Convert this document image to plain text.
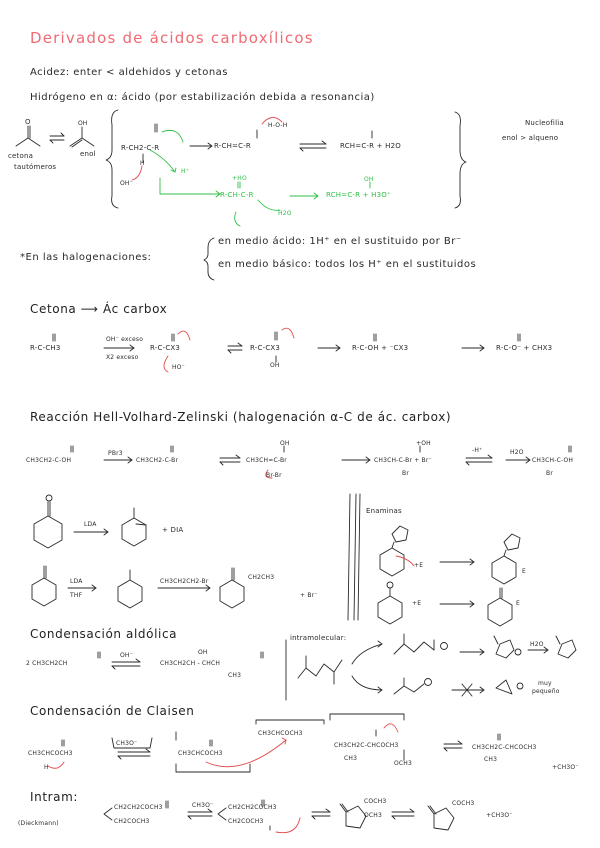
O	OH
Derivados de ácidos carboxílicos
Acidez: enter < aldehidos y cetonas
Hidrógeno en α: ácido (por estabilización debida a resonancia)
cetona
tautómeros
enol
Nucleofilia
enol > alqueno
R-CH2-C-R
H
OH⁻
H⁺
R-CH=C-R
H-O-H
RCH=C-R + H2O
R-CH-C-R
+HO
H2O
RCH=C-R + H3O⁺
OH
*En las halogenaciones:
en medio ácido: 1H⁺ en el sustituido por Br⁻
en medio básico: todos los H⁺ en el sustituidos
Cetona ⟶ Ác carbox
R-C-CH3
OH⁻ exceso
X2 exceso
R-C-CX3
HO⁻
R-C-CX3
OH
R-C-OH + ⁻CX3	R-C-O⁻ + CHX3
Reacción Hell-Volhard-Zelinski (halogenación α-C de ác. carbox)
CH3CH2-C-OH
PBr3
CH3CH2-C-Br	CH3CH=C-Br
OH
Br-Br
CH3CH-C-Br + Br⁻
+OH
Br
-H⁺	H2O
CH3CH-C-OH
Br
LDA
+ DIA
LDA
THF
CH3CH2CH2-Br
CH2CH3
+ Br⁻
Enaminas
+E
E
+E	E
Condensación aldólica
2 CH3CH2CH
OH⁻
CH3CH2CH - CHCH
OH
CH3
intramolecular:
H2O
muy
pequeño
Condensación de Claisen
CH3CHCOCH3
H
CH3O⁻
CH3CHCOCH3
CH3CHCOCH3
CH3CH2C-CHCOCH3
CH3
OCH3
CH3CH2C-CHCOCH3
CH3
+CH3O⁻
Intram:
(Dieckmann)
CH2CH2COCH3
CH2COCH3
CH3O⁻ CH2CH2COCH3
CH2COCH3
COCH3
OCH3
COCH3
+CH3O⁻
